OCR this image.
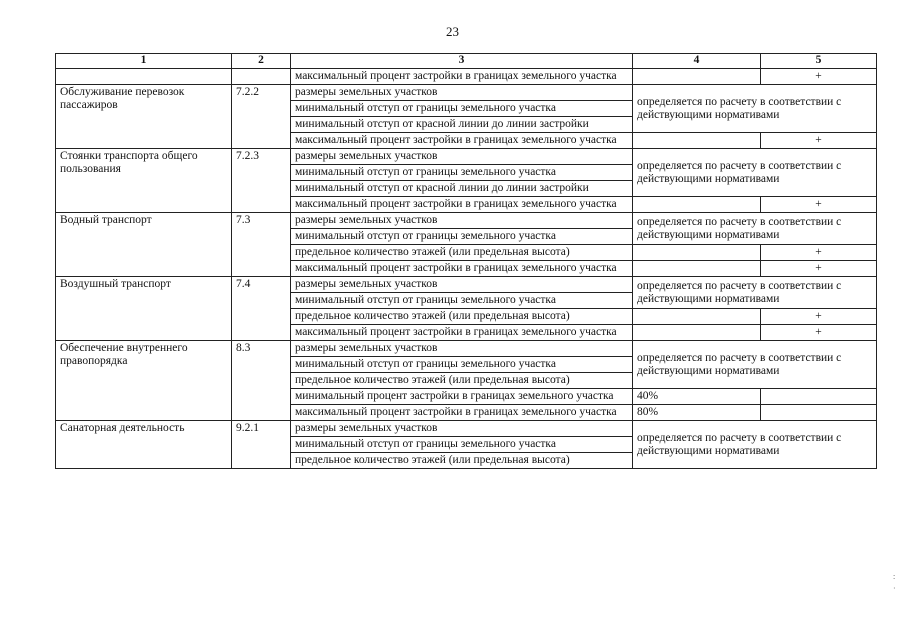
23
1	2	3	4	5
		максимальный процент застройки в границах земельного участка		+
Обслуживание перевозок пассажиров	7.2.2	размеры земельных участков	определяется по расчету в соответствии с действующими нормативами	
		минимальный отступ от границы земельного участка		
		минимальный отступ от красной линии до линии застройки		
		максимальный процент застройки в границах земельного участка		+
Стоянки транспорта общего пользования	7.2.3	размеры земельных участков	определяется по расчету в соответствии с действующими нормативами	
		минимальный отступ от границы земельного участка		
		минимальный отступ от красной линии до линии застройки		
		максимальный процент застройки в границах земельного участка		+
Водный транспорт	7.3	размеры земельных участков	определяется по расчету в соответствии с действующими нормативами	
		минимальный отступ от границы земельного участка		
		предельное количество этажей (или предельная высота)		+
		максимальный процент застройки в границах земельного участка		+
Воздушный транспорт	7.4	размеры земельных участков	определяется по расчету в соответствии с действующими нормативами	
		минимальный отступ от границы земельного участка		
		предельное количество этажей (или предельная высота)		+
		максимальный процент застройки в границах земельного участка		+
Обеспечение внутреннего правопорядка	8.3	размеры земельных участков	определяется по расчету в соответствии с действующими нормативами	
		минимальный отступ от границы земельного участка		
		предельное количество этажей (или предельная высота)		
		минимальный процент застройки в границах земельного участка	40%	
		максимальный процент застройки в границах земельного участка	80%	
Санаторная деятельность	9.2.1	размеры земельных участков	определяется по расчету в соответствии с действующими нормативами	
		минимальный отступ от границы земельного участка		
		предельное количество этажей (или предельная высота)		
:
·
